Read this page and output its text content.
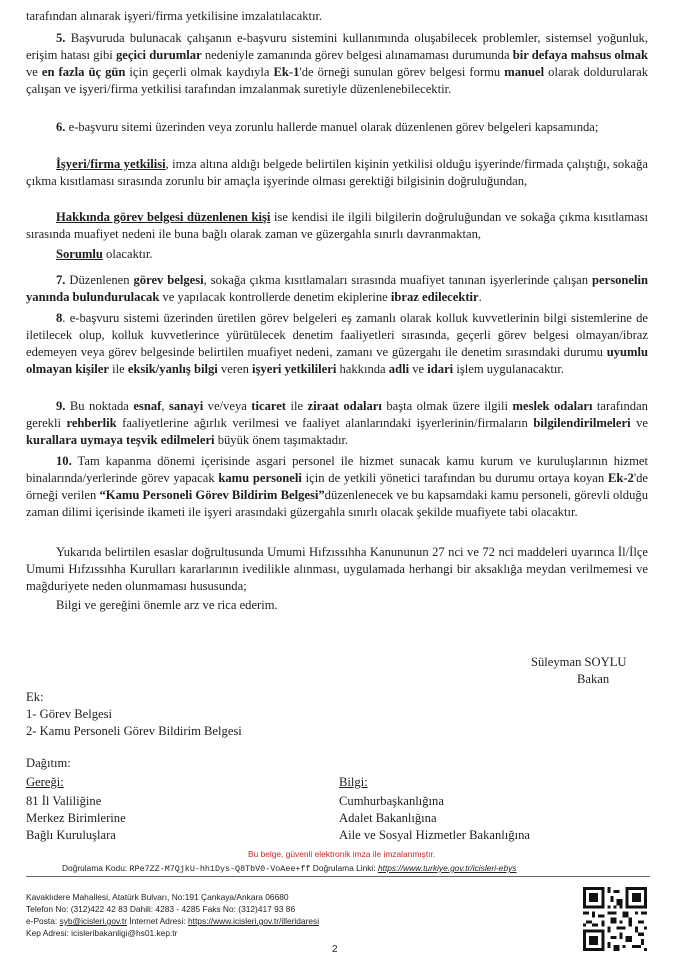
tarafından alınarak işyeri/firma yetkilisine imzalatılacaktır.

5. Başvuruda bulunacak çalışanın e-başvuru sistemini kullanımında oluşabilecek problemler, sistemsel yoğunluk, erişim hatası gibi geçici durumlar nedeniyle zamanında görev belgesi alınamaması durumunda bir defaya mahsus olmak ve en fazla üç gün için geçerli olmak kaydıyla Ek-1'de örneği sunulan görev belgesi formu manuel olarak doldurularak çalışan ve işyeri/firma yetkilisi tarafından imzalanmak suretiyle düzenlenebilecektir.

6. e-başvuru sitemi üzerinden veya zorunlu hallerde manuel olarak düzenlenen görev belgeleri kapsamında;

İşyeri/firma yetkilisi, imza altına aldığı belgede belirtilen kişinin yetkilisi olduğu işyerinde/firmada çalıştığı, sokağa çıkma kısıtlaması sırasında zorunlu bir amaçla işyerinde olması gerektiği bilgisinin doğruluğundan,

Hakkında görev belgesi düzenlenen kişi ise kendisi ile ilgili bilgilerin doğruluğundan ve sokağa çıkma kısıtlaması sırasında muafiyet nedeni ile buna bağlı olarak zaman ve güzergahla sınırlı davranmaktan,

Sorumlu olacaktır.

7. Düzenlenen görev belgesi, sokağa çıkma kısıtlamaları sırasında muafiyet tanınan işyerlerinde çalışan personelin yanında bulundurulacak ve yapılacak kontrollerde denetim ekiplerine ibraz edilecektir.

8. e-başvuru sistemi üzerinden üretilen görev belgeleri eş zamanlı olarak kolluk kuvvetlerinin bilgi sistemlerine de iletilecek olup, kolluk kuvvetlerince yürütülecek denetim faaliyetleri sırasında, geçerli görev belgesi olmayan/ibraz edemeyen veya görev belgesinde belirtilen muafiyet nedeni, zamanı ve güzergahı ile denetim sırasındaki durumu uyumlu olmayan kişiler ile eksik/yanlış bilgi veren işyeri yetkilileri hakkında adli ve idari işlem uygulanacaktır.

9. Bu noktada esnaf, sanayi ve/veya ticaret ile ziraat odaları başta olmak üzere ilgili meslek odaları tarafından gerekli rehberlik faaliyetlerine ağırlık verilmesi ve faaliyet alanlarındaki işyerlerinin/firmaların bilgilendirilmeleri ve kurallara uymaya teşvik edilmeleri büyük önem taşımaktadır.

10. Tam kapanma dönemi içerisinde asgari personel ile hizmet sunacak kamu kurum ve kuruluşlarının hizmet binalarında/yerlerinde görev yapacak kamu personeli için de yetkili yönetici tarafından bu durumu ortaya koyan Ek-2'de örneği verilen “Kamu Personeli Görev Bildirim Belgesi”düzenlenecek ve bu kapsamdaki kamu personeli, görevli olduğu zaman dilimi içerisinde ikameti ile işyeri arasındaki güzergahla sınırlı olacak şekilde muafiyete tabi olacaktır.

Yukarıda belirtilen esaslar doğrultusunda Umumi Hıfzıssıhha Kanununun 27 nci ve 72 nci maddeleri uyarınca İl/İlçe Umumi Hıfzıssıhha Kurulları kararlarının ivedilikle alınması, uygulamada herhangi bir aksaklığa meydan verilmemesi ve mağduriyete neden olunmaması hususunda;

Bilgi ve gereğini önemle arz ve rica ederim.

Süleyman SOYLU
Bakan
Ek:
1- Görev Belgesi
2- Kamu Personeli Görev Bildirim Belgesi
Dağıtım:
Gereği:
81 İl Valiliğine
Merkez Birimlerine
Bağlı Kuruluşlara
Bilgi:
Cumhurbaşkanlığına
Adalet Bakanlığına
Aile ve Sosyal Hizmetler Bakanlığına
Bu belge, güvenli elektronik imza ile imzalanmıştır.
Doğrulama Kodu: RPe7ZZ-M7QjkU-hh1Dys-Q8TbV0-VoAee+ff Doğrulama Linki: https://www.turkiye.gov.tr/icisleri-ebys
Kavaklıdere Mahallesi, Atatürk Bulvarı, No:191 Çankaya/Ankara 06680
Telefon No: (312)422 42 83 Dahili: 4283 - 4285 Faks No: (312)417 93 86
e-Posta: syb@icisleri.gov.tr İnternet Adresi: https://www.icisleri.gov.tr/illeridaresi
Kep Adresi: icisleribakanligi@hs01.kep.tr
2
